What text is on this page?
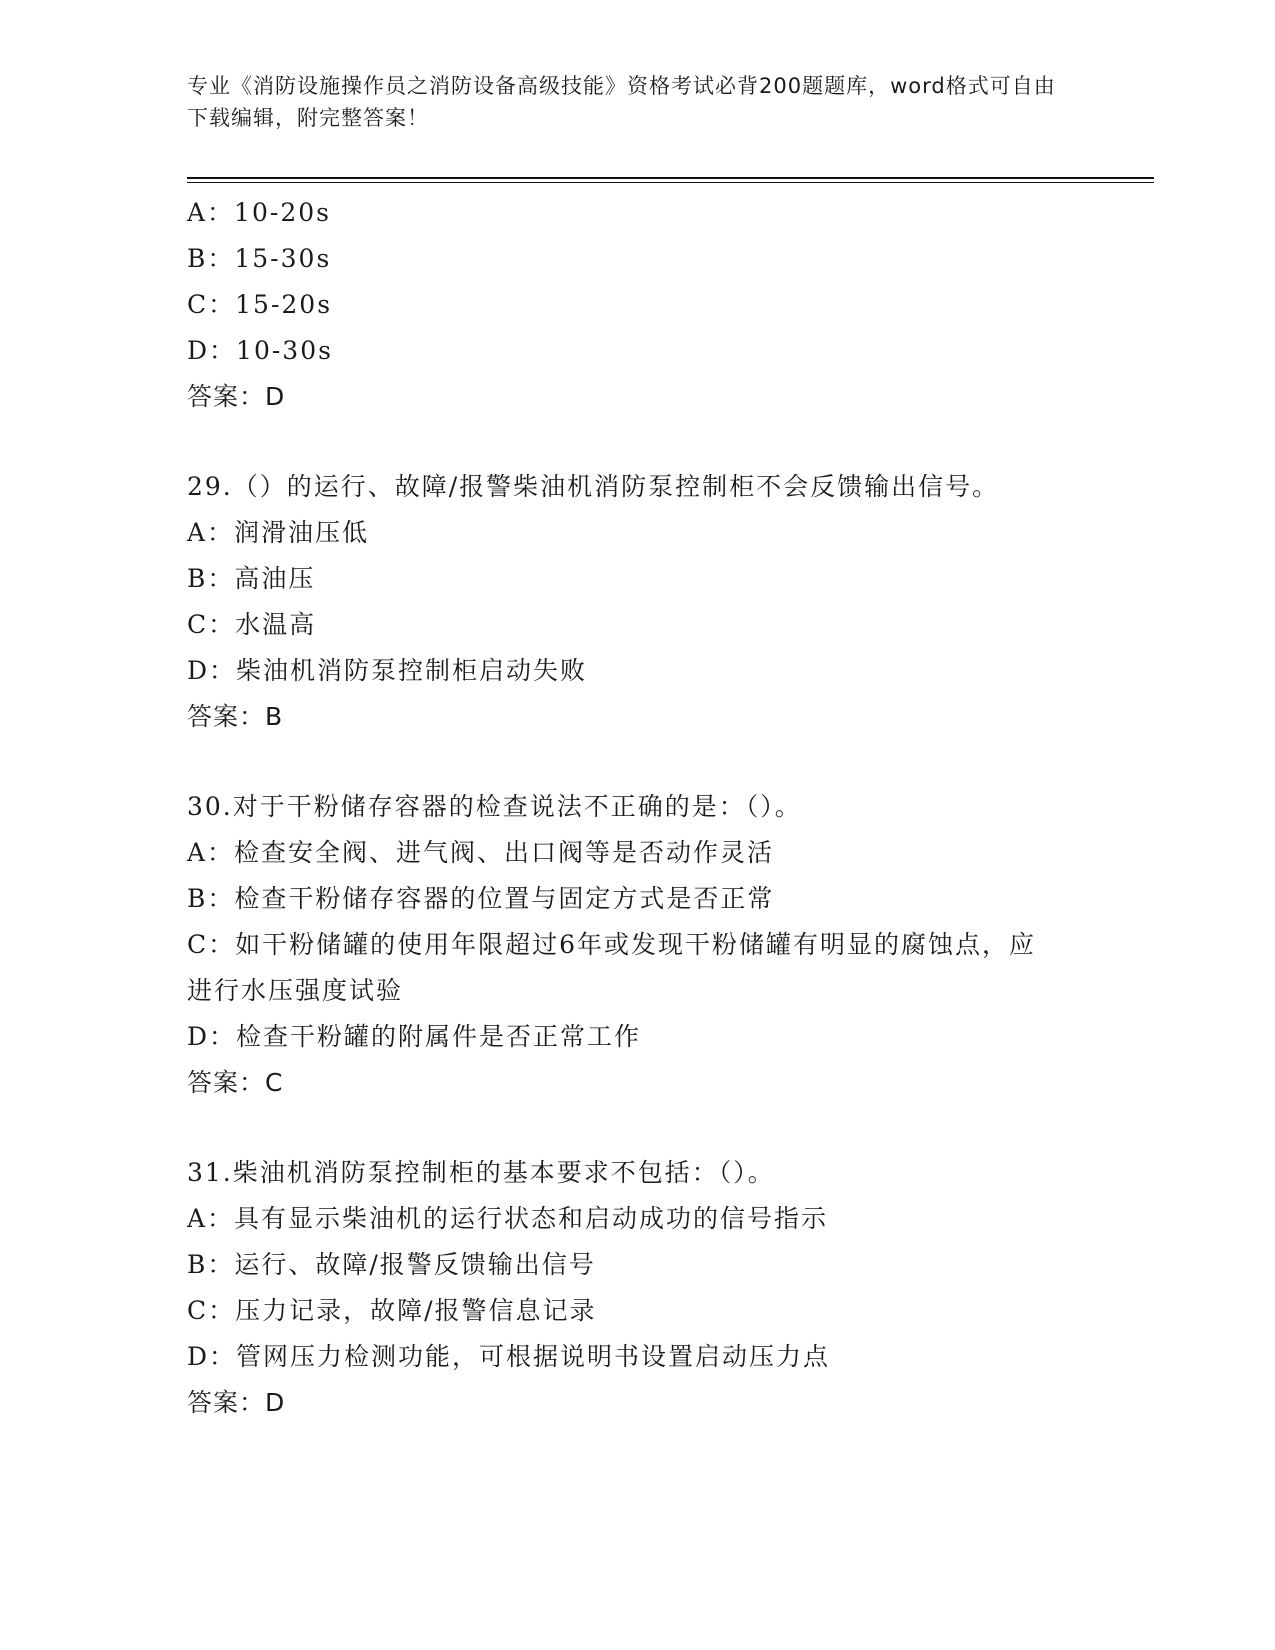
专业《消防设施操作员之消防设备高级技能》资格考试必背200题题库，word格式可自由下载编辑，附完整答案！
A：10-20s
B：15-30s
C：15-20s
D：10-30s
答案：D
29.（）的运行、故障/报警柴油机消防泵控制柜不会反馈输出信号。
A：润滑油压低
B：高油压
C：水温高
D：柴油机消防泵控制柜启动失败
答案：B
30.对于干粉储存容器的检查说法不正确的是：（）。
A：检查安全阀、进气阀、出口阀等是否动作灵活
B：检查干粉储存容器的位置与固定方式是否正常
C：如干粉储罐的使用年限超过6年或发现干粉储罐有明显的腐蚀点，应进行水压强度试验
D：检查干粉罐的附属件是否正常工作
答案：C
31.柴油机消防泵控制柜的基本要求不包括：（）。
A：具有显示柴油机的运行状态和启动成功的信号指示
B：运行、故障/报警反馈输出信号
C：压力记录，故障/报警信息记录
D：管网压力检测功能，可根据说明书设置启动压力点
答案：D
